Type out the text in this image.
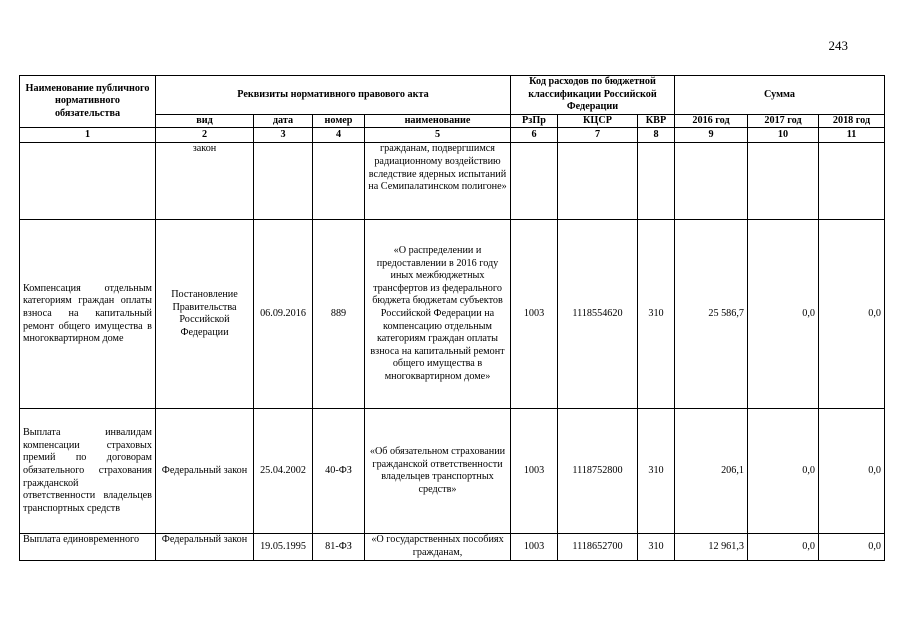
243
Наименование публичного нормативного обязательства	Реквизиты нормативного правового акта				Код расходов по бюджетной классификации Российской Федерации			Сумма		
	вид	дата	номер	наименование	РзПр	КЦСР	КВР	2016 год	2017 год	2018 год
1	2	3	4	5	6	7	8	9	10	11
	закон			гражданам, подвергшимся радиационному воздействию вследствие ядерных испытаний на Семипалатинском полигоне»						
Компенсация отдельным категориям граждан оплаты взноса на капитальный ремонт общего имущества в многоквартирном доме	Постановление Правительства Российской Федерации	06.09.2016	889	«О распределении и предоставлении в 2016 году иных межбюджетных трансфертов из федерального бюджета бюджетам субъектов Российской Федерации на компенсацию отдельным категориям граждан оплаты взноса на капитальный ремонт общего имущества в многоквартирном доме»	1003	1118554620	310	25 586,7	0,0	0,0
Выплата инвалидам компенсации страховых премий по договорам обязательного страхования гражданской ответственности владельцев транспортных средств	Федеральный закон	25.04.2002	40-ФЗ	«Об обязательном страховании гражданской ответственности владельцев транспортных средств»	1003	1118752800	310	206,1	0,0	0,0
Выплата единовременного	Федеральный закон	19.05.1995	81-ФЗ	«О государственных пособиях гражданам,	1003	1118652700	310	12 961,3	0,0	0,0
